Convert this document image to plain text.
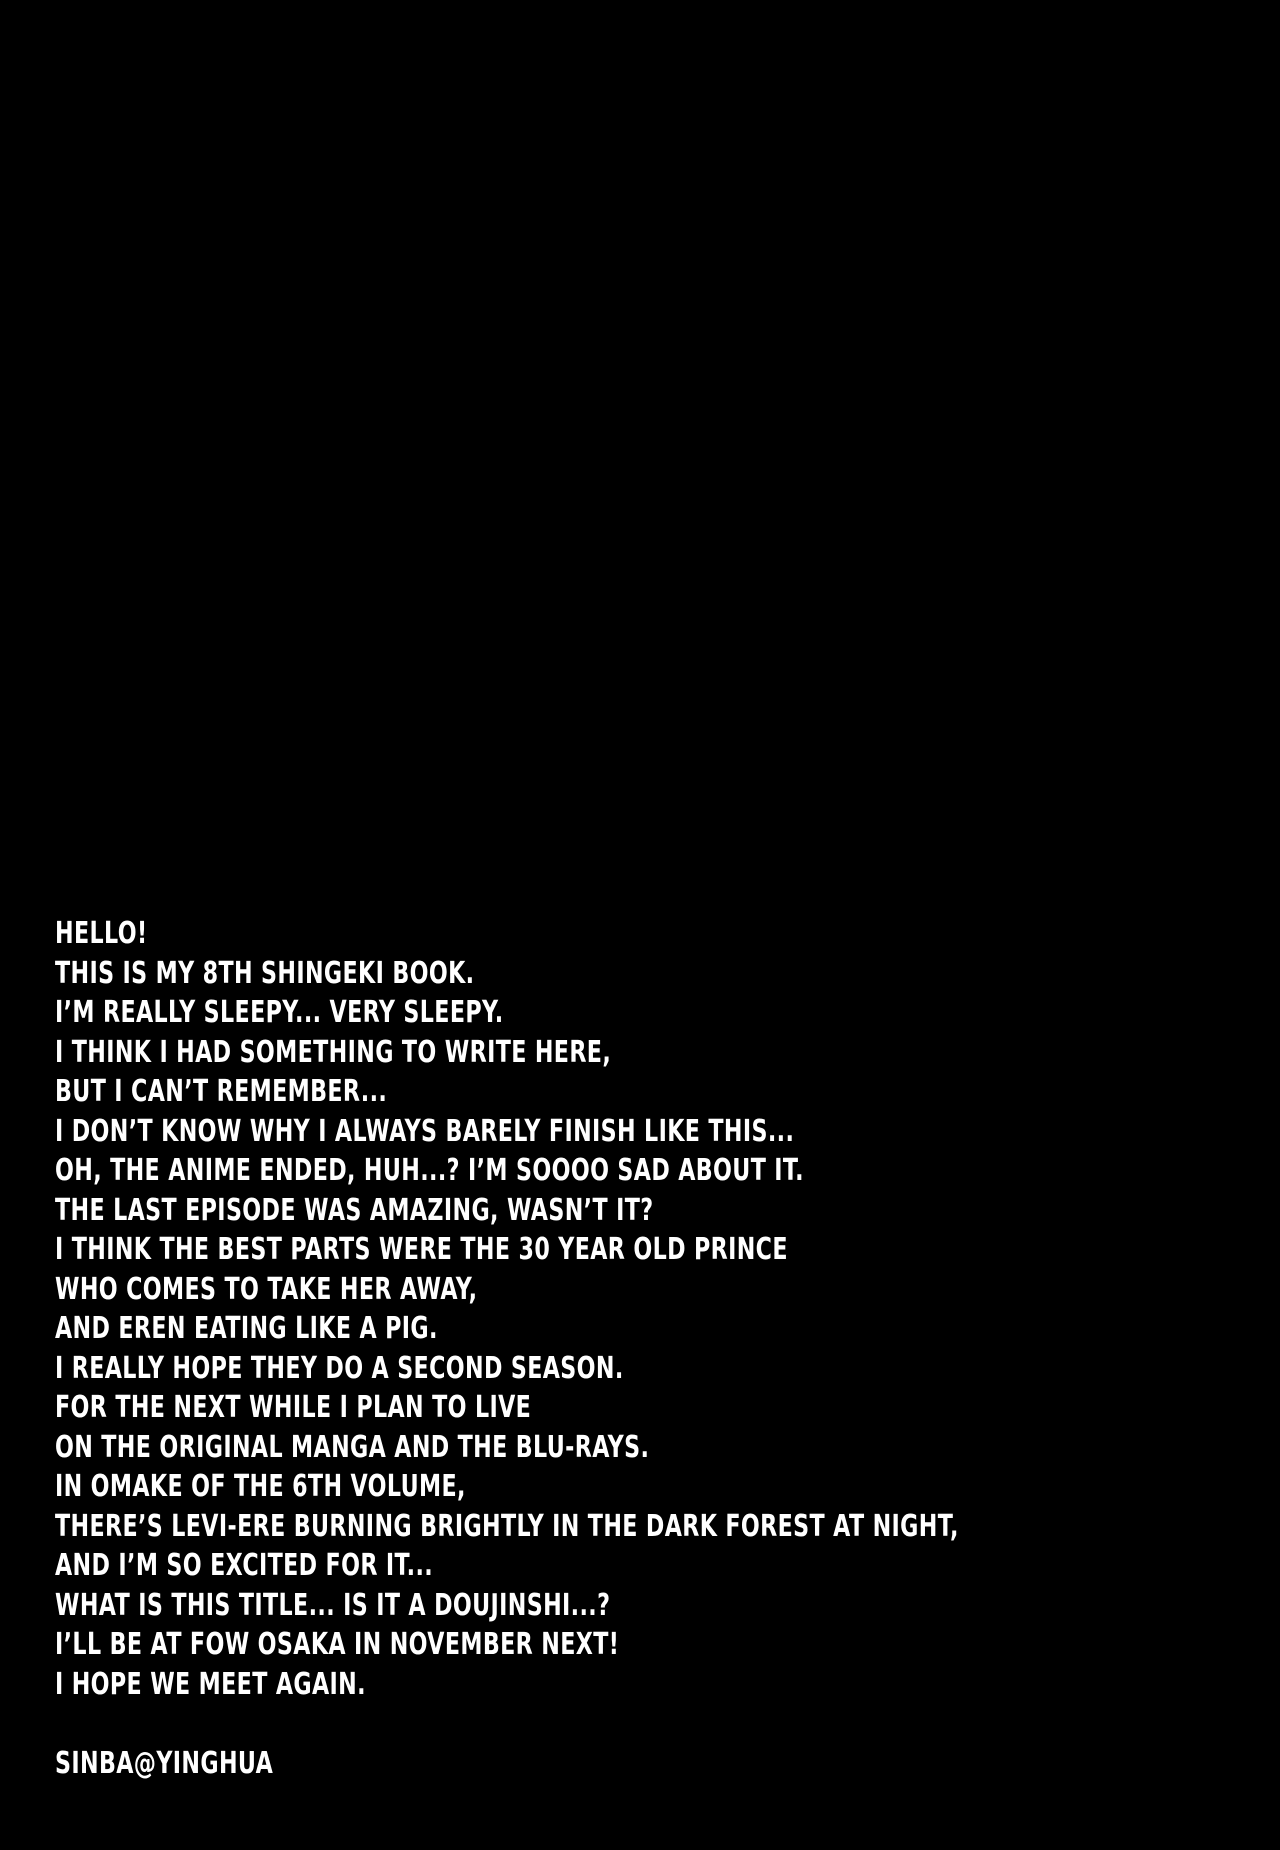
HELLO!
THIS IS MY 8TH SHINGEKI BOOK.
I’M REALLY SLEEPY... VERY SLEEPY.
I THINK I HAD SOMETHING TO WRITE HERE,
BUT I CAN’T REMEMBER...
I DON’T KNOW WHY I ALWAYS BARELY FINISH LIKE THIS...
OH, THE ANIME ENDED, HUH...? I’M SOOOO SAD ABOUT IT.
THE LAST EPISODE WAS AMAZING, WASN’T IT?
I THINK THE BEST PARTS WERE THE 30 YEAR OLD PRINCE
WHO COMES TO TAKE HER AWAY,
AND EREN EATING LIKE A PIG.
I REALLY HOPE THEY DO A SECOND SEASON.
FOR THE NEXT WHILE I PLAN TO LIVE
ON THE ORIGINAL MANGA AND THE BLU-RAYS.
IN OMAKE OF THE 6TH VOLUME,
THERE’S LEVI-ERE BURNING BRIGHTLY IN THE DARK FOREST AT NIGHT,
AND I’M SO EXCITED FOR IT...
WHAT IS THIS TITLE... IS IT A DOUJINSHI...?
I’LL BE AT FOW OSAKA IN NOVEMBER NEXT!
I HOPE WE MEET AGAIN.
SINBA@YINGHUA
